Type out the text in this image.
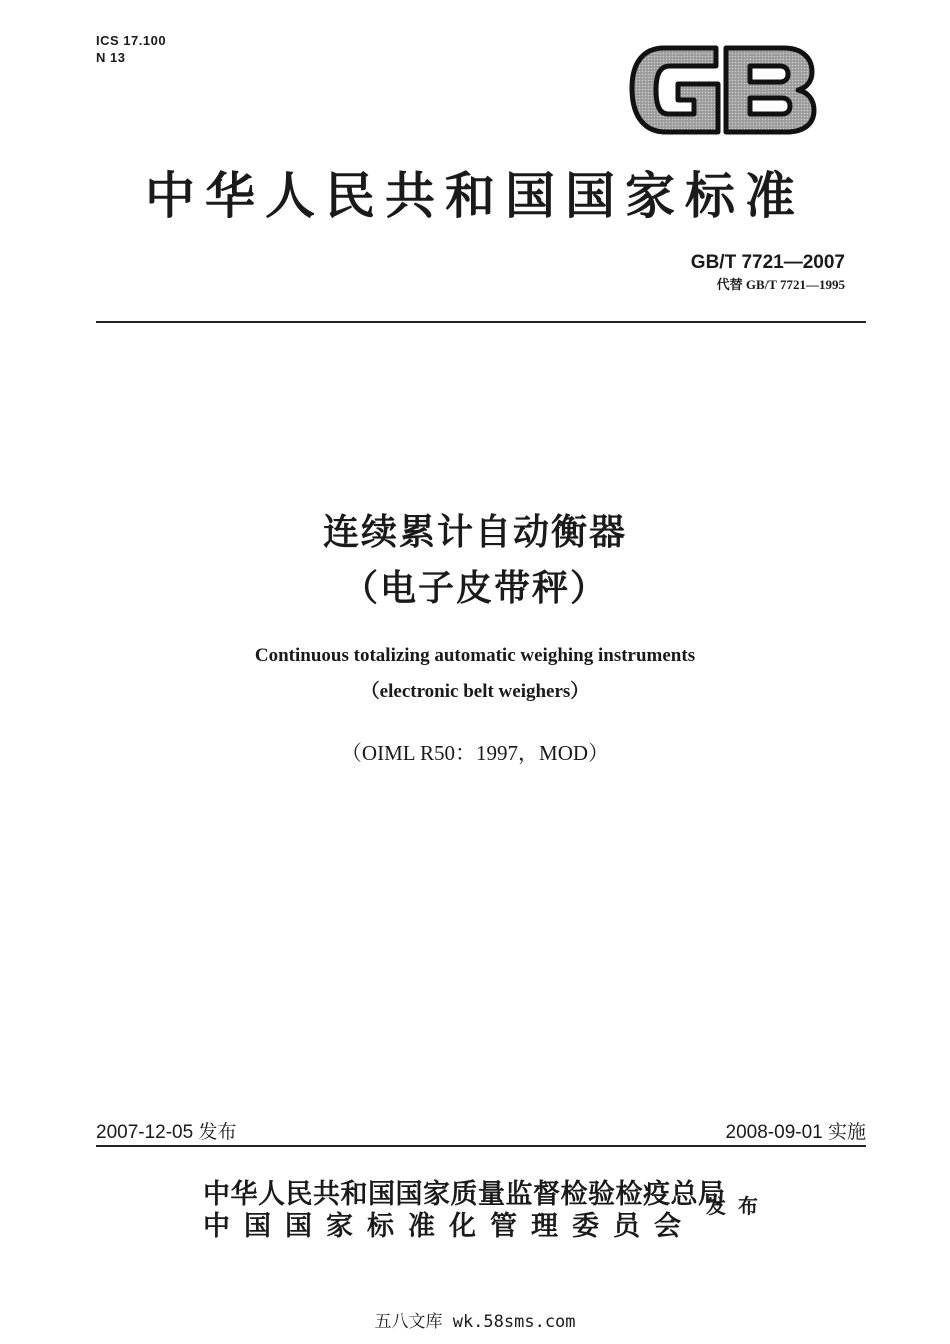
ICS 17.100
N 13
中华人民共和国国家标准
GB/T 7721—2007
代替 GB/T 7721—1995
连续累计自动衡器
（电子皮带秤）
Continuous totalizing automatic weighing instruments
（electronic belt weighers）
（OIML R50：1997，MOD）
2007-12-05 发布	2008-09-01 实施
中华人民共和国国家质量监督检验检疫总局
中国国家标准化管理委员会
发布
五八文库 wk.58sms.com
